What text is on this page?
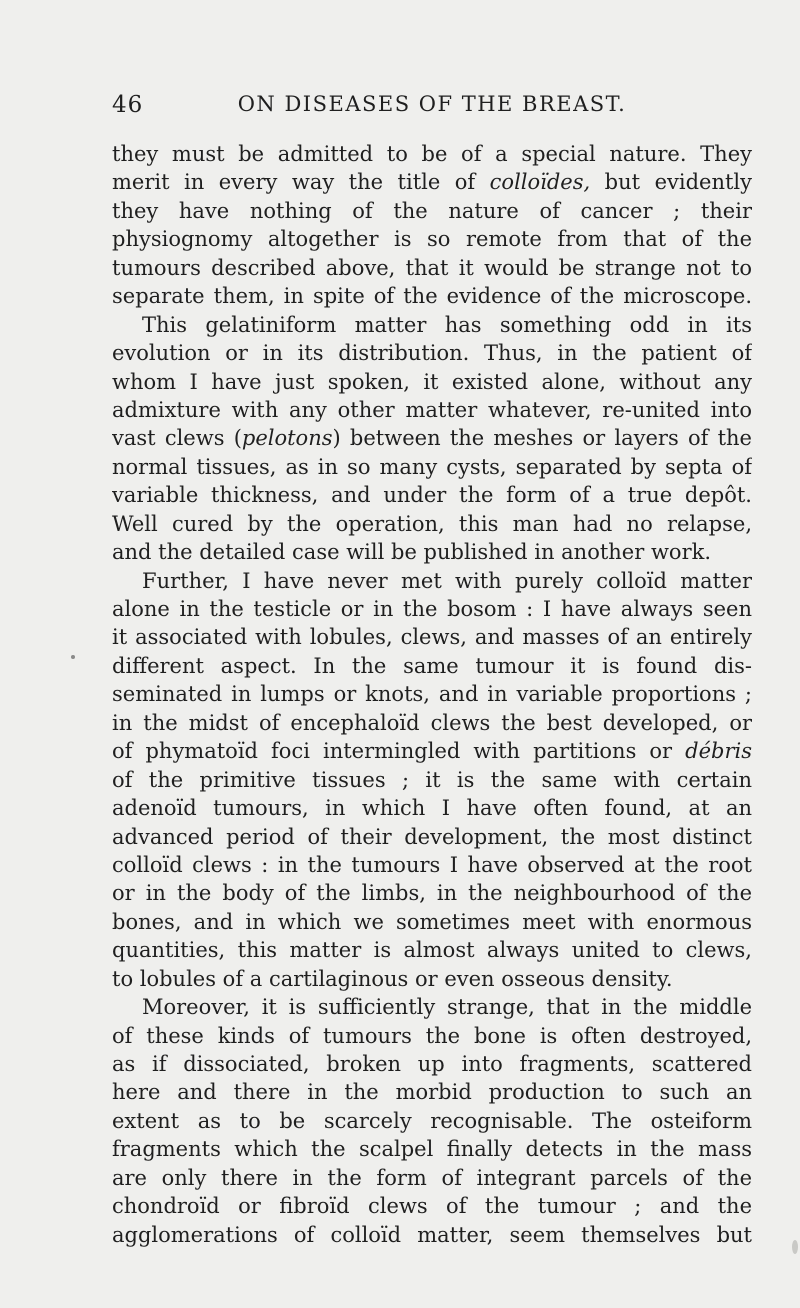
46	ON DISEASES OF THE BREAST.
they must be admitted to be of a special nature. They
merit in every way the title of colloïdes, but evidently
they have nothing of the nature of cancer ; their
physiognomy altogether is so remote from that of the
tumours described above, that it would be strange not to
separate them, in spite of the evidence of the microscope.
This gelatiniform matter has something odd in its
evolution or in its distribution. Thus, in the patient of
whom I have just spoken, it existed alone, without any
admixture with any other matter whatever, re-united into
vast clews (pelotons) between the meshes or layers of the
normal tissues, as in so many cysts, separated by septa of
variable thickness, and under the form of a true depôt.
Well cured by the operation, this man had no relapse,
and the detailed case will be published in another work.
Further, I have never met with purely colloïd matter
alone in the testicle or in the bosom : I have always seen
it associated with lobules, clews, and masses of an entirely
different aspect. In the same tumour it is found dis-
seminated in lumps or knots, and in variable proportions ;
in the midst of encephaloïd clews the best developed, or
of phymatoïd foci intermingled with partitions or débris
of the primitive tissues ; it is the same with certain
adenoïd tumours, in which I have often found, at an
advanced period of their development, the most distinct
colloïd clews : in the tumours I have observed at the root
or in the body of the limbs, in the neighbourhood of the
bones, and in which we sometimes meet with enormous
quantities, this matter is almost always united to clews,
to lobules of a cartilaginous or even osseous density.
Moreover, it is sufficiently strange, that in the middle
of these kinds of tumours the bone is often destroyed,
as if dissociated, broken up into fragments, scattered
here and there in the morbid production to such an
extent as to be scarcely recognisable. The osteiform
fragments which the scalpel finally detects in the mass
are only there in the form of integrant parcels of the
chondroïd or fibroïd clews of the tumour ; and the
agglomerations of colloïd matter, seem themselves but
